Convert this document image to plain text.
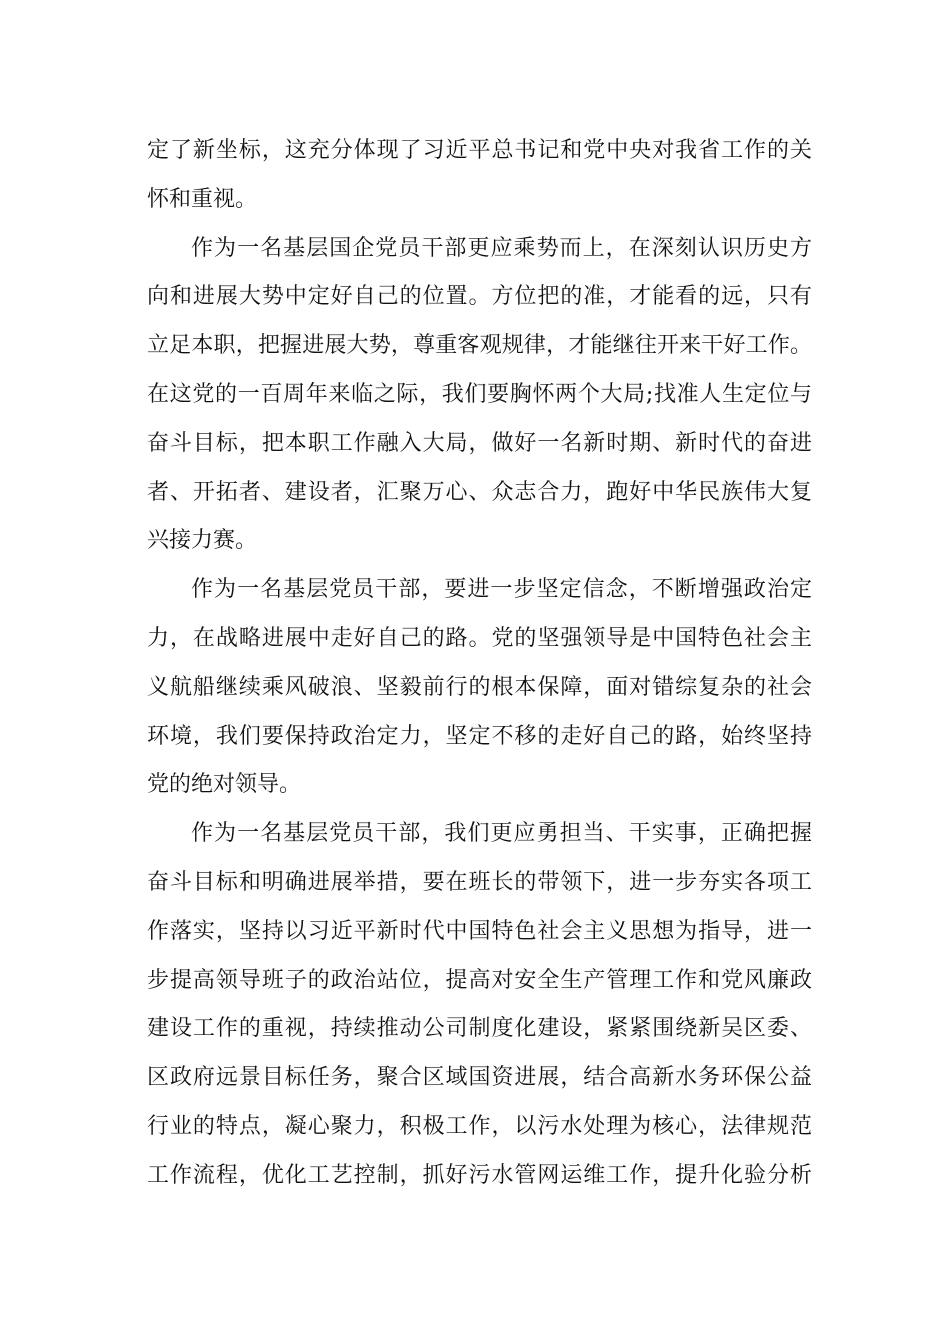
定了新坐标，这充分体现了习近平总书记和党中央对我省工作的关
怀和重视。
作为一名基层国企党员干部更应乘势而上，在深刻认识历史方
向和进展大势中定好自己的位置。方位把的准，才能看的远，只有
立足本职，把握进展大势，尊重客观规律，才能继往开来干好工作。
在这党的一百周年来临之际，我们要胸怀两个大局;找准人生定位与
奋斗目标，把本职工作融入大局，做好一名新时期、新时代的奋进
者、开拓者、建设者，汇聚万心、众志合力，跑好中华民族伟大复
兴接力赛。
作为一名基层党员干部，要进一步坚定信念，不断增强政治定
力，在战略进展中走好自己的路。党的坚强领导是中国特色社会主
义航船继续乘风破浪、坚毅前行的根本保障，面对错综复杂的社会
环境，我们要保持政治定力，坚定不移的走好自己的路，始终坚持
党的绝对领导。
作为一名基层党员干部，我们更应勇担当、干实事，正确把握
奋斗目标和明确进展举措，要在班长的带领下，进一步夯实各项工
作落实，坚持以习近平新时代中国特色社会主义思想为指导，进一
步提高领导班子的政治站位，提高对安全生产管理工作和党风廉政
建设工作的重视，持续推动公司制度化建设，紧紧围绕新吴区委、
区政府远景目标任务，聚合区域国资进展，结合高新水务环保公益
行业的特点，凝心聚力，积极工作，以污水处理为核心，法律规范
工作流程，优化工艺控制，抓好污水管网运维工作，提升化验分析
